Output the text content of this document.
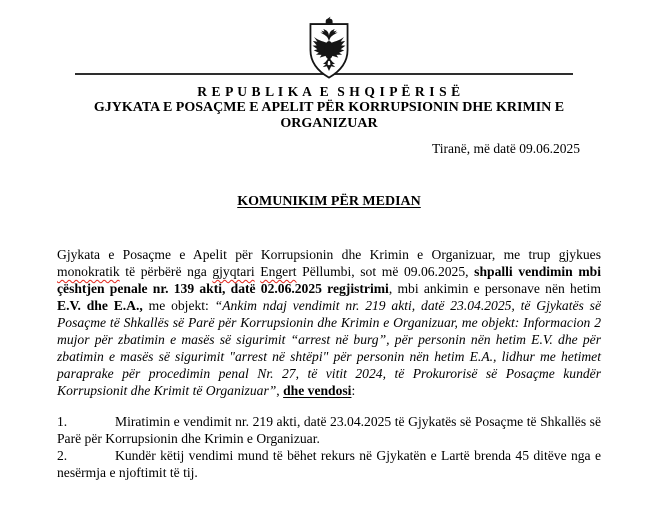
R E P U B L I K A  E  S H Q I P Ë R I S Ë
GJYKATA E POSAÇME E APELIT PËR KORRUPSIONIN DHE KRIMIN E ORGANIZUAR
Tiranë, më datë 09.06.2025
KOMUNIKIM PËR MEDIAN

Gjykata e Posaçme e Apelit për Korrupsionin dhe Krimin e Organizuar, me trup gjykues monokratik të përbërë nga gjyqtari Engert Pëllumbi, sot më 09.06.2025, shpalli vendimin mbi çështjen penale nr. 139 akti, datë 02.06.2025 regjistrimi, mbi ankimin e personave nën hetim E.V. dhe E.A., me objekt: “Ankim ndaj vendimit nr. 219 akti, datë 23.04.2025, të Gjykatës së Posaçme të Shkallës së Parë për Korrupsionin dhe Krimin e Organizuar, me objekt: Informacion 2 mujor për zbatimin e masës së sigurimit “arrest në burg”, për personin nën hetim E.V. dhe për zbatimin e masës së sigurimit "arrest në shtëpi" për personin nën hetim E.A., lidhur me hetimet paraprake për procedimin penal Nr. 27, të vitit 2024, të Prokurorisë së Posaçme kundër Korrupsionit dhe Krimit të Organizuar”, dhe vendosi:

1.	Miratimin e vendimit nr. 219 akti, datë 23.04.2025 të Gjykatës së Posaçme të Shkallës së Parë për Korrupsionin dhe Krimin e Organizuar.

2.	Kundër këtij vendimi mund të bëhet rekurs në Gjykatën e Lartë brenda 45 ditëve nga e nesërmja e njoftimit të tij.
